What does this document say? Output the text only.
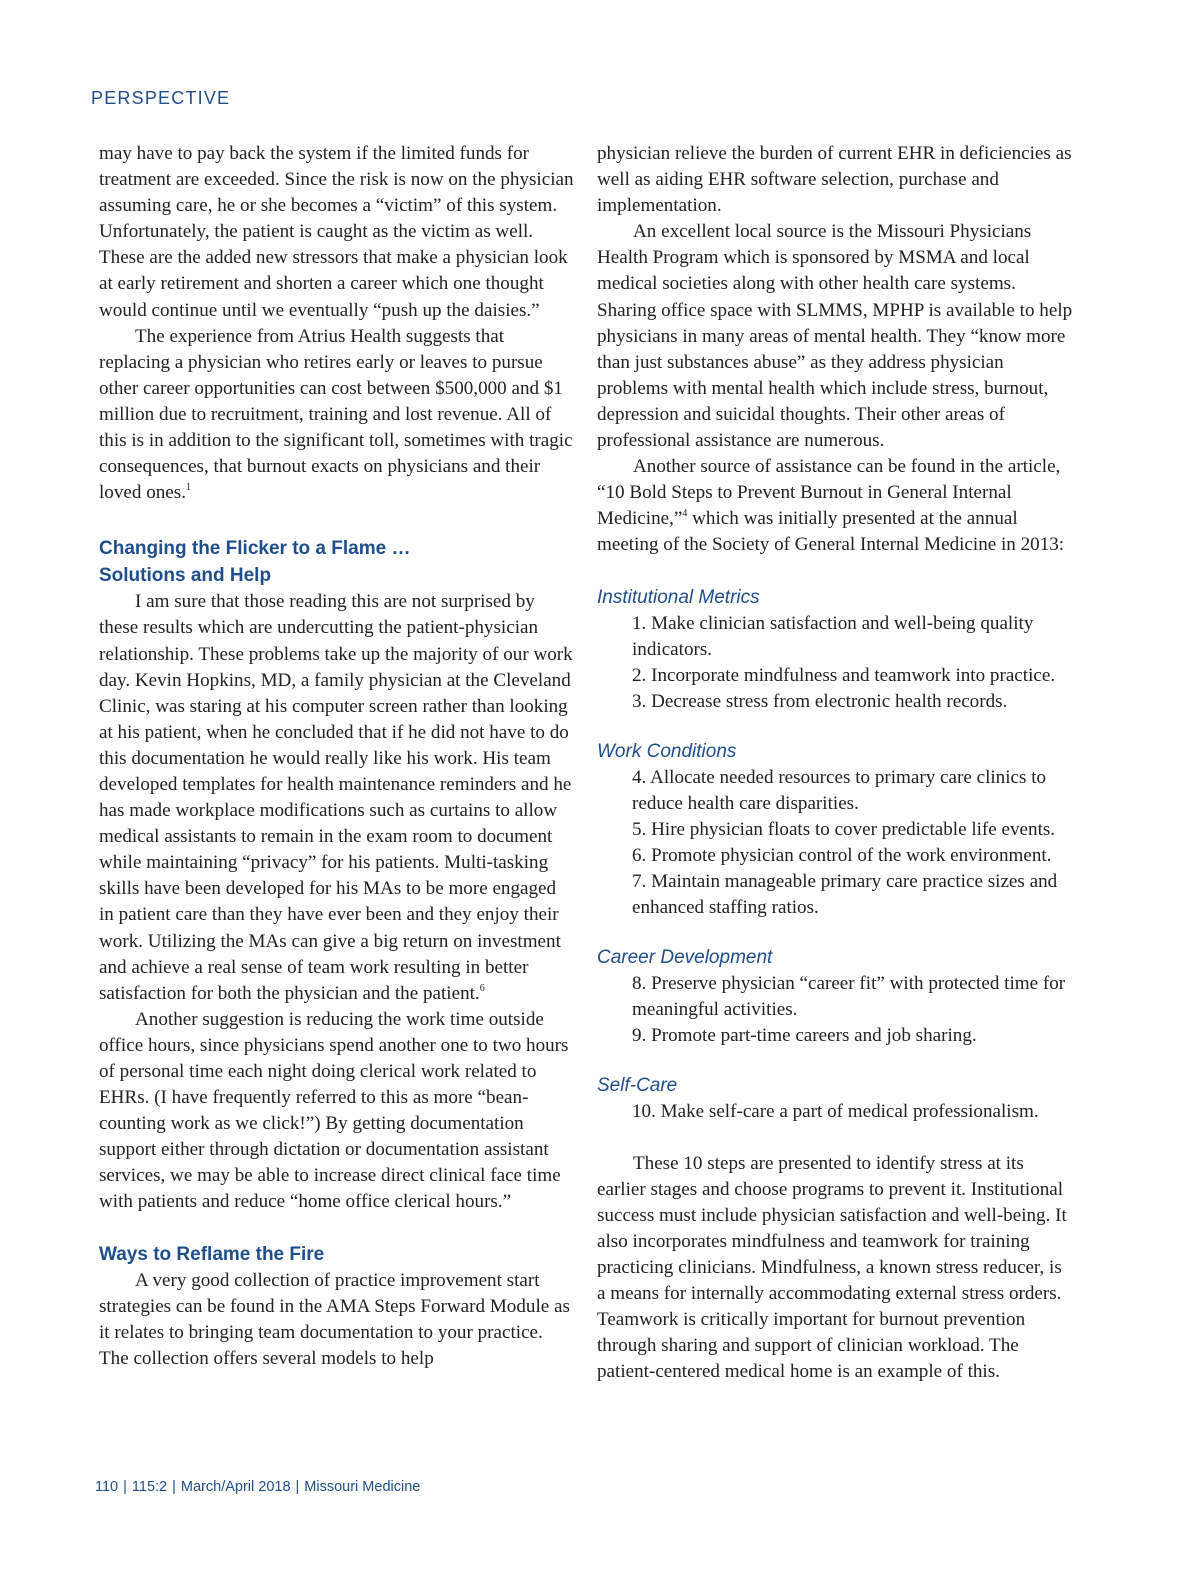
PERSPECTIVE

may have to pay back the system if the limited funds for treatment are exceeded. Since the risk is now on the physician assuming care, he or she becomes a “victim” of this system. Unfortunately, the patient is caught as the victim as well. These are the added new stressors that make a physician look at early retirement and shorten a career which one thought would continue until we eventually “push up the daisies.”

The experience from Atrius Health suggests that replacing a physician who retires early or leaves to pursue other career opportunities can cost between $500,000 and $1 million due to recruitment, training and lost revenue. All of this is in addition to the significant toll, sometimes with tragic consequences, that burnout exacts on physicians and their loved ones.$^1$

Changing the Flicker to a Flame …
Solutions and Help

I am sure that those reading this are not surprised by these results which are undercutting the patient-physician relationship. These problems take up the majority of our work day. Kevin Hopkins, MD, a family physician at the Cleveland Clinic, was staring at his computer screen rather than looking at his patient, when he concluded that if he did not have to do this documentation he would really like his work. His team developed templates for health maintenance reminders and he has made workplace modifications such as curtains to allow medical assistants to remain in the exam room to document while maintaining “privacy” for his patients. Multi-tasking skills have been developed for his MAs to be more engaged in patient care than they have ever been and they enjoy their work. Utilizing the MAs can give a big return on investment and achieve a real sense of team work resulting in better satisfaction for both the physician and the patient.$^6$

Another suggestion is reducing the work time outside office hours, since physicians spend another one to two hours of personal time each night doing clerical work related to EHRs. (I have frequently referred to this as more “bean-counting work as we click!”) By getting documentation support either through dictation or documentation assistant services, we may be able to increase direct clinical face time with patients and reduce “home office clerical hours.”

Ways to Reflame the Fire

A very good collection of practice improvement start strategies can be found in the AMA Steps Forward Module as it relates to bringing team documentation to your practice. The collection offers several models to help

physician relieve the burden of current EHR in deficiencies as well as aiding EHR software selection, purchase and implementation.

An excellent local source is the Missouri Physicians Health Program which is sponsored by MSMA and local medical societies along with other health care systems. Sharing office space with SLMMS, MPHP is available to help physicians in many areas of mental health. They “know more than just substances abuse” as they address physician problems with mental health which include stress, burnout, depression and suicidal thoughts. Their other areas of professional assistance are numerous.

Another source of assistance can be found in the article, “10 Bold Steps to Prevent Burnout in General Internal Medicine,”$^4$ which was initially presented at the annual meeting of the Society of General Internal Medicine in 2013:

Institutional Metrics
1. Make clinician satisfaction and well-being quality indicators.
2. Incorporate mindfulness and teamwork into practice.
3. Decrease stress from electronic health records.
Work Conditions
4. Allocate needed resources to primary care clinics to reduce health care disparities.
5. Hire physician floats to cover predictable life events.
6. Promote physician control of the work environment.
7. Maintain manageable primary care practice sizes and enhanced staffing ratios.
Career Development
8. Preserve physician “career fit” with protected time for meaningful activities.
9. Promote part-time careers and job sharing.
Self-Care
10. Make self-care a part of medical professionalism.

These 10 steps are presented to identify stress at its earlier stages and choose programs to prevent it. Institutional success must include physician satisfaction and well-being. It also incorporates mindfulness and teamwork for training practicing clinicians. Mindfulness, a known stress reducer, is a means for internally accommodating external stress orders. Teamwork is critically important for burnout prevention through sharing and support of clinician workload. The patient-centered medical home is an example of this.

110 | 115:2 | March/April 2018 | Missouri Medicine
